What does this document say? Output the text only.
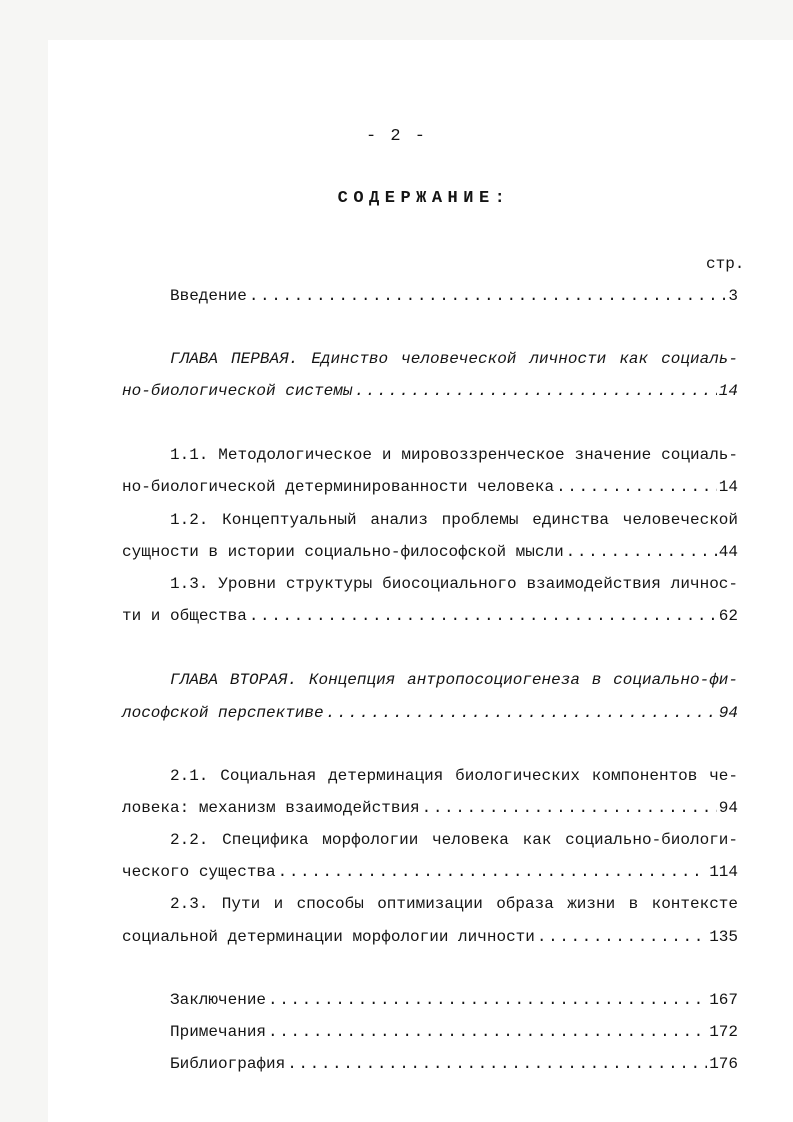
- 2 -
СОДЕРЖАНИЕ:
стр.
Введение .....	3
ГЛАВА ПЕРВАЯ. Единство человеческой личности как социаль-
но-биологической системы .....	14
1.1. Методологическое и мировоззренческое значение социаль-
но-биологической детерминированности человека .....	14
1.2. Концептуальный анализ проблемы единства человеческой
сущности в истории социально-философской мысли .....	44
1.3. Уровни структуры биосоциального взаимодействия личнос-
ти и общества .....	62
ГЛАВА ВТОРАЯ. Концепция антропосоциогенеза в социально-фи-
лософской перспективе .....	94
2.1. Социальная детерминация биологических компонентов че-
ловека: механизм взаимодействия .....	94
2.2. Специфика морфологии человека как социально-биологи-
ческого существа .....	114
2.3. Пути и способы оптимизации образа жизни в контексте
социальной детерминации морфологии личности .....	135
Заключение .....	167
Примечания .....	172
Библиография .....	176
